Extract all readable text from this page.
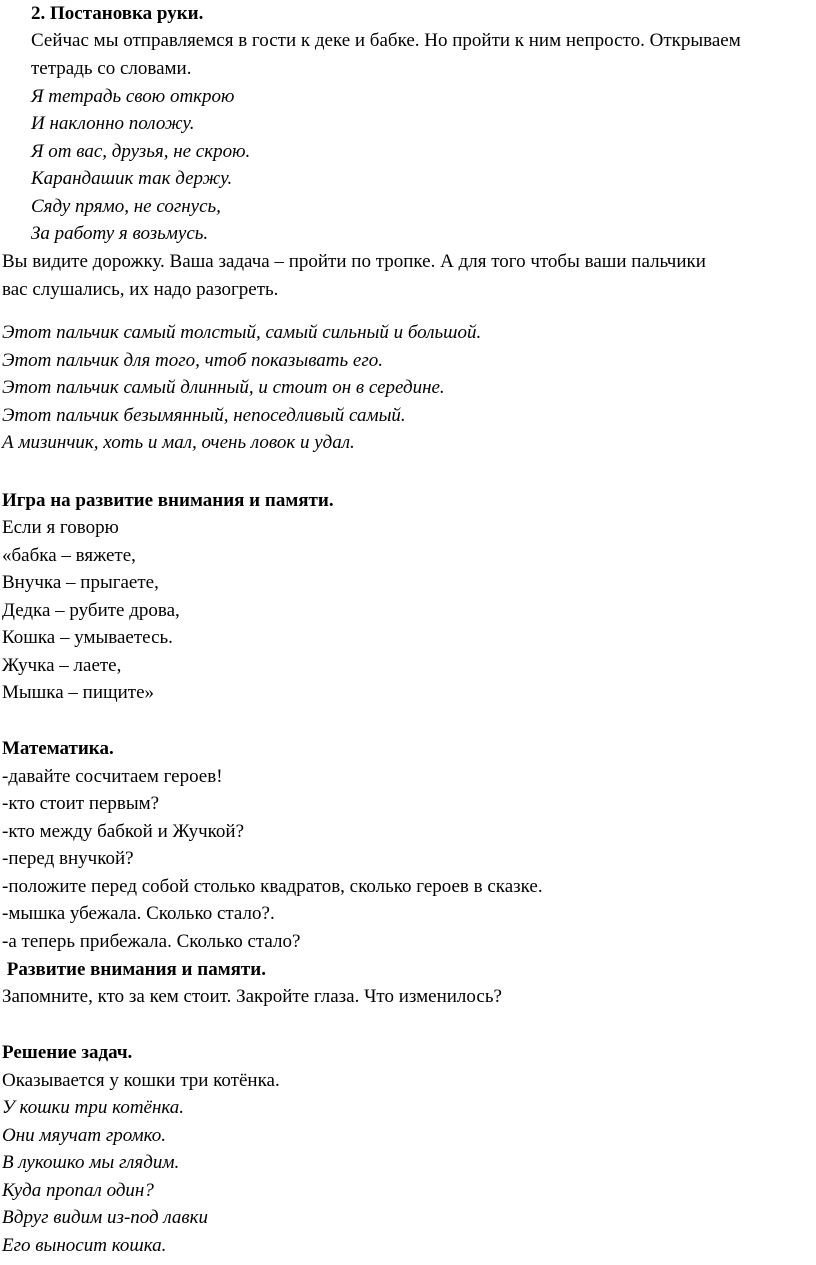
2. Постановка руки.
Сейчас мы отправляемся в гости к деке и бабке. Но пройти к ним непросто. Открываем
тетрадь со словами.
Я тетрадь свою открою
И наклонно положу.
Я от вас, друзья, не скрою.
Карандашик так держу.
Сяду прямо, не согнусь,
За работу я возьмусь.
Вы видите дорожку. Ваша задача – пройти по тропке. А для того чтобы ваши пальчики
вас слушались, их надо разогреть.
Этот пальчик самый толстый, самый сильный и большой.
Этот пальчик для того, чтоб показывать его.
Этот пальчик самый длинный, и стоит он в середине.
Этот пальчик безымянный, непоседливый самый.
А мизинчик, хоть и мал, очень ловок и удал.
Игра на развитие внимания и памяти.
Если я говорю
«бабка – вяжете,
Внучка – прыгаете,
Дедка – рубите дрова,
Кошка – умываетесь.
Жучка – лаете,
Мышка – пищите»
Математика.
-давайте сосчитаем героев!
-кто стоит первым?
-кто между бабкой и Жучкой?
-перед внучкой?
-положите перед собой столько квадратов, сколько героев в сказке.
-мышка убежала. Сколько стало?.
-а теперь прибежала. Сколько стало?
Развитие внимания и памяти.
Запомните, кто за кем стоит. Закройте глаза. Что изменилось?
Решение задач.
Оказывается у кошки три котёнка.
У кошки три котёнка.
Они мяучат громко.
В лукошко мы глядим.
Куда пропал один?
Вдруг видим из-под лавки
Его выносит кошка.
